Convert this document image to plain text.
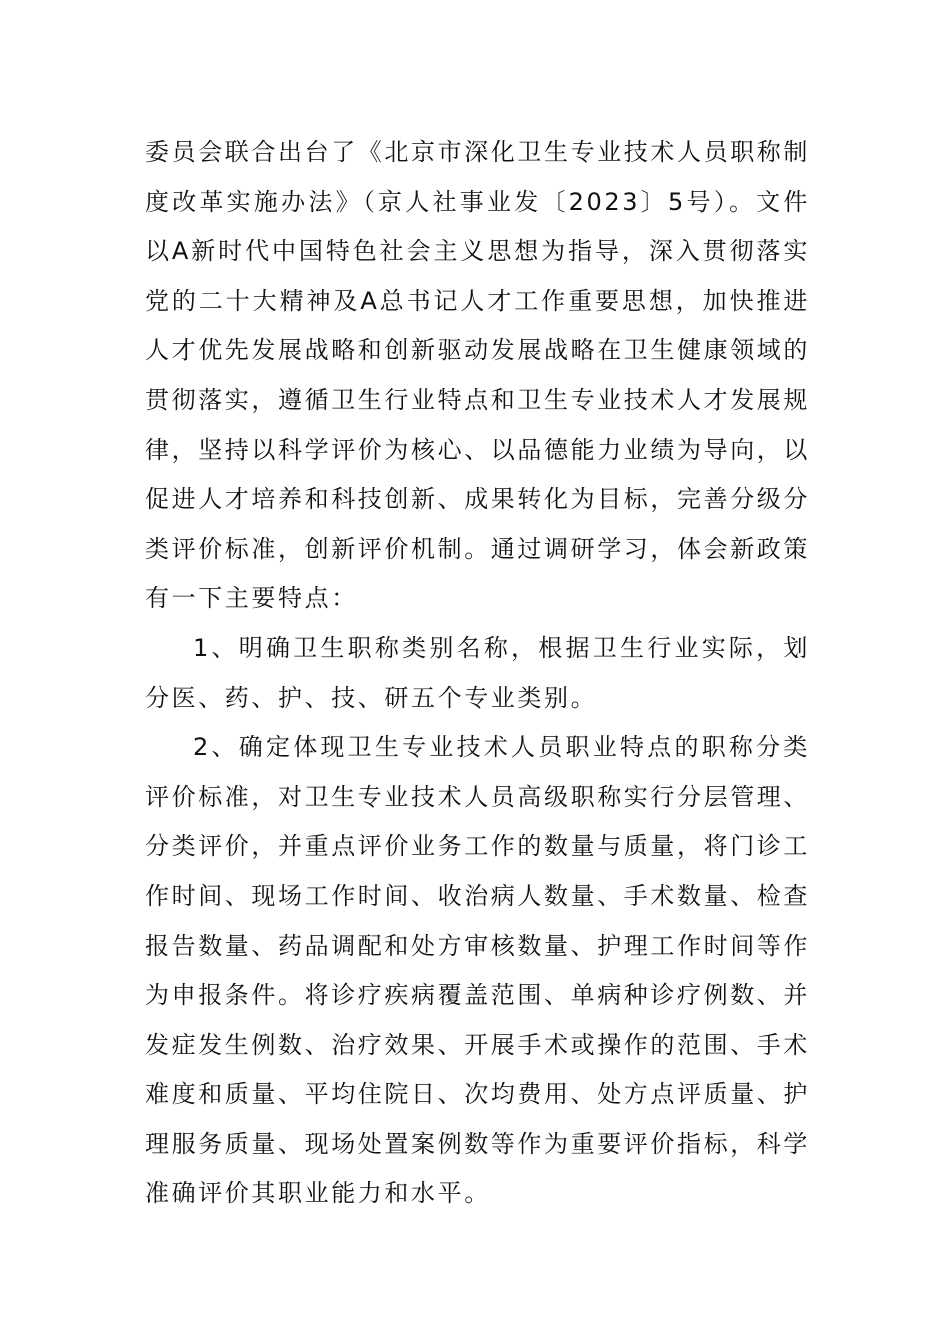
委员会联合出台了《北京市深化卫生专业技术人员职称制度改革实施办法》（京人社事业发〔2023〕5号）。文件以A新时代中国特色社会主义思想为指导，深入贯彻落实党的二十大精神及A总书记人才工作重要思想，加快推进人才优先发展战略和创新驱动发展战略在卫生健康领域的贯彻落实，遵循卫生行业特点和卫生专业技术人才发展规律，坚持以科学评价为核心、以品德能力业绩为导向，以促进人才培养和科技创新、成果转化为目标，完善分级分类评价标准，创新评价机制。通过调研学习，体会新政策有一下主要特点：

1、明确卫生职称类别名称，根据卫生行业实际，划分医、药、护、技、研五个专业类别。

2、确定体现卫生专业技术人员职业特点的职称分类评价标准，对卫生专业技术人员高级职称实行分层管理、分类评价，并重点评价业务工作的数量与质量，将门诊工作时间、现场工作时间、收治病人数量、手术数量、检查报告数量、药品调配和处方审核数量、护理工作时间等作为申报条件。将诊疗疾病覆盖范围、单病种诊疗例数、并发症发生例数、治疗效果、开展手术或操作的范围、手术难度和质量、平均住院日、次均费用、处方点评质量、护理服务质量、现场处置案例数等作为重要评价指标，科学准确评价其职业能力和水平。
